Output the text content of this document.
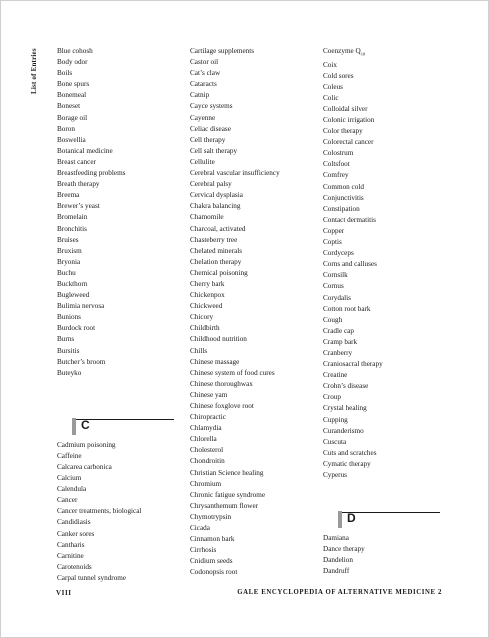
List of Entries	Blue cohosh
Body odor
Boils
Bone spurs
Bonemeal
Boneset
Borage oil
Boron
Boswellia
Botanical medicine
Breast cancer
Breastfeeding problems
Breath therapy
Breema
Brewer’s yeast
Bromelain
Bronchitis
Bruises
Bruxism
Bryonia
Buchu
Buckthorn
Bugleweed
Bulimia nervosa
Bunions
Burdock root
Burns
Bursitis
Butcher’s broom
Buteyko
C
Cadmium poisoning
Caffeine
Calcarea carbonica
Calcium
Calendula
Cancer
Cancer treatments, biological
Candidiasis
Canker sores
Cantharis
Carnitine
Carotenoids
Carpal tunnel syndrome
Cartilage supplements
Castor oil
Cat’s claw
Cataracts
Catnip
Cayce systems
Cayenne
Celiac disease
Cell therapy
Cell salt therapy
Cellulite
Cerebral vascular insufficiency
Cerebral palsy
Cervical dysplasia
Chakra balancing
Chamomile
Charcoal, activated
Chasteberry tree
Chelated minerals
Chelation therapy
Chemical poisoning
Cherry bark
Chickenpox
Chickweed
Chicory
Childbirth
Childhood nutrition
Chills
Chinese massage
Chinese system of food cures
Chinese thoroughwax
Chinese yam
Chinese foxglove root
Chiropractic
Chlamydia
Chlorella
Cholesterol
Chondroitin
Christian Science healing
Chromium
Chronic fatigue syndrome
Chrysanthemum flower
Chymotrypsin
Cicada
Cinnamon bark
Cirrhosis
Cnidium seeds
Codonopsis root
Coenzyme $Q_{10}$
Coix
Cold sores
Coleus
Colic
Colloidal silver
Colonic irrigation
Color therapy
Colorectal cancer
Colostrum
Coltsfoot
Comfrey
Common cold
Conjunctivitis
Constipation
Contact dermatitis
Copper
Coptis
Cordyceps
Corns and calluses
Cornsilk
Cornus
Corydalis
Cotton root bark
Cough
Cradle cap
Cramp bark
Cranberry
Craniosacral therapy
Creatine
Crohn’s disease
Croup
Crystal healing
Cupping
Curanderismo
Cuscuta
Cuts and scratches
Cymatic therapy
Cyperus
D
Damiana
Dance therapy
Dandelion
Dandruff
VIII	GALE ENCYCLOPEDIA OF ALTERNATIVE MEDICINE 2
